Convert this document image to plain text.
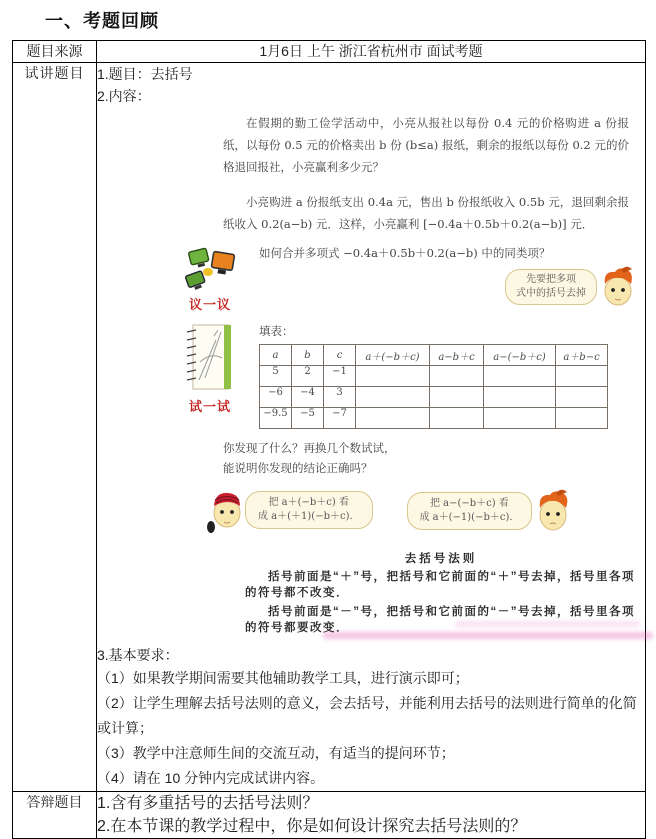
一、考题回顾
题目来源	1月6日 上午 浙江省杭州市 面试考题
试讲题目	1.题目：去括号
2.内容：

在假期的勤工俭学活动中，小亮从报社以每份 0.4 元的价格购进 a 份报纸，以每份 0.5 元的价格卖出 b 份 (b≤a) 报纸，剩余的报纸以每份 0.2 元的价格退回报社，小亮赢利多少元？

小亮购进 a 份报纸支出 0.4a 元，售出 b 份报纸收入 0.5b 元，退回剩余报纸收入 0.2(a−b) 元．这样，小亮赢利 [−0.4a＋0.5b＋0.2(a−b)] 元．

议一议
如何合并多项式 −0.4a＋0.5b＋0.2(a−b) 中的同类项？
先要把多项
式中的括号去掉
试一试
填表：
a	b	c	a＋(−b＋c)	a−b＋c	a−(−b＋c)	a＋b−c
5	2	−1				
−6	−4	3				
−9.5	−5	−7				
你发现了什么？再换几个数试试，
能说明你发现的结论正确吗？
把 a＋(−b＋c) 看
成 a＋(＋1)(−b＋c)．
把 a−(−b＋c) 看
成 a＋(−1)(−b＋c)．
去括号法则

括号前面是“＋”号，把括号和它前面的“＋”号去掉，括号里各项的符号都不改变．

括号前面是“－”号，把括号和它前面的“－”号去掉，括号里各项的符号都要改变．

3.基本要求：
（1）如果教学期间需要其他辅助教学工具，进行演示即可；
（2）让学生理解去括号法则的意义，会去括号，并能利用去括号的法则进行简单的化简或计算；
（3）教学中注意师生间的交流互动，有适当的提问环节；
（4）请在 10 分钟内完成试讲内容。

答辩题目	1.含有多重括号的去括号法则？
2.在本节课的教学过程中，你是如何设计探究去括号法则的？
